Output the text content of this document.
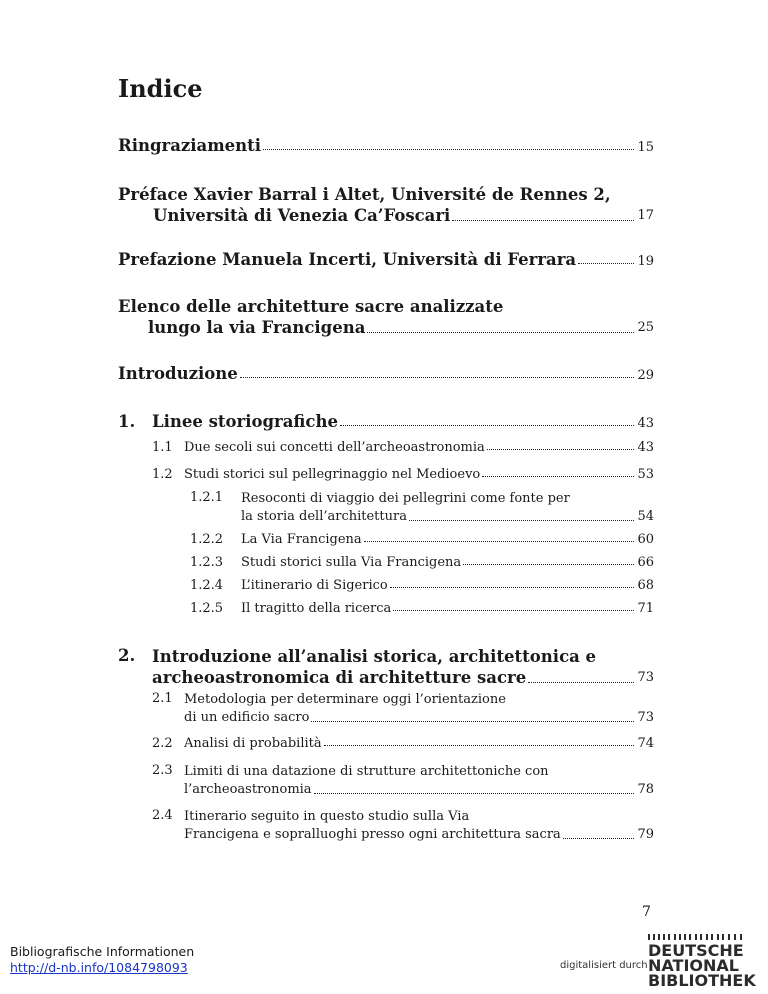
Indice
Ringraziamenti	15
Préface Xavier Barral i Altet, Université de Rennes 2,
Università di Venezia Ca’Foscari	17
Prefazione Manuela Incerti, Università di Ferrara	19
Elenco delle architetture sacre analizzate
lungo la via Francigena	25
Introduzione	29
1. Linee storiografiche	43
1.1 Due secoli sui concetti dell’archeoastronomia	43
1.2 Studi storici sul pellegrinaggio nel Medioevo	53
1.2.1 Resoconti di viaggio dei pellegrini come fonte per
la storia dell’architettura	54
1.2.2 La Via Francigena	60
1.2.3 Studi storici sulla Via Francigena	66
1.2.4 L’itinerario di Sigerico	68
1.2.5 Il tragitto della ricerca	71
2. Introduzione all’analisi storica, architettonica e
archeoastronomica di architetture sacre	73
2.1 Metodologia per determinare oggi l’orientazione
di un edificio sacro	73
2.2 Analisi di probabilità	74
2.3 Limiti di una datazione di strutture architettoniche con
l’archeoastronomia	78
2.4 Itinerario seguito in questo studio sulla Via
Francigena e sopralluoghi presso ogni architettura sacra	79
7
Bibliografische Informationen
http://d-nb.info/1084798093	digitalisiert durch
DEUTSCHE
NATIONAL
BIBLIOTHEK
